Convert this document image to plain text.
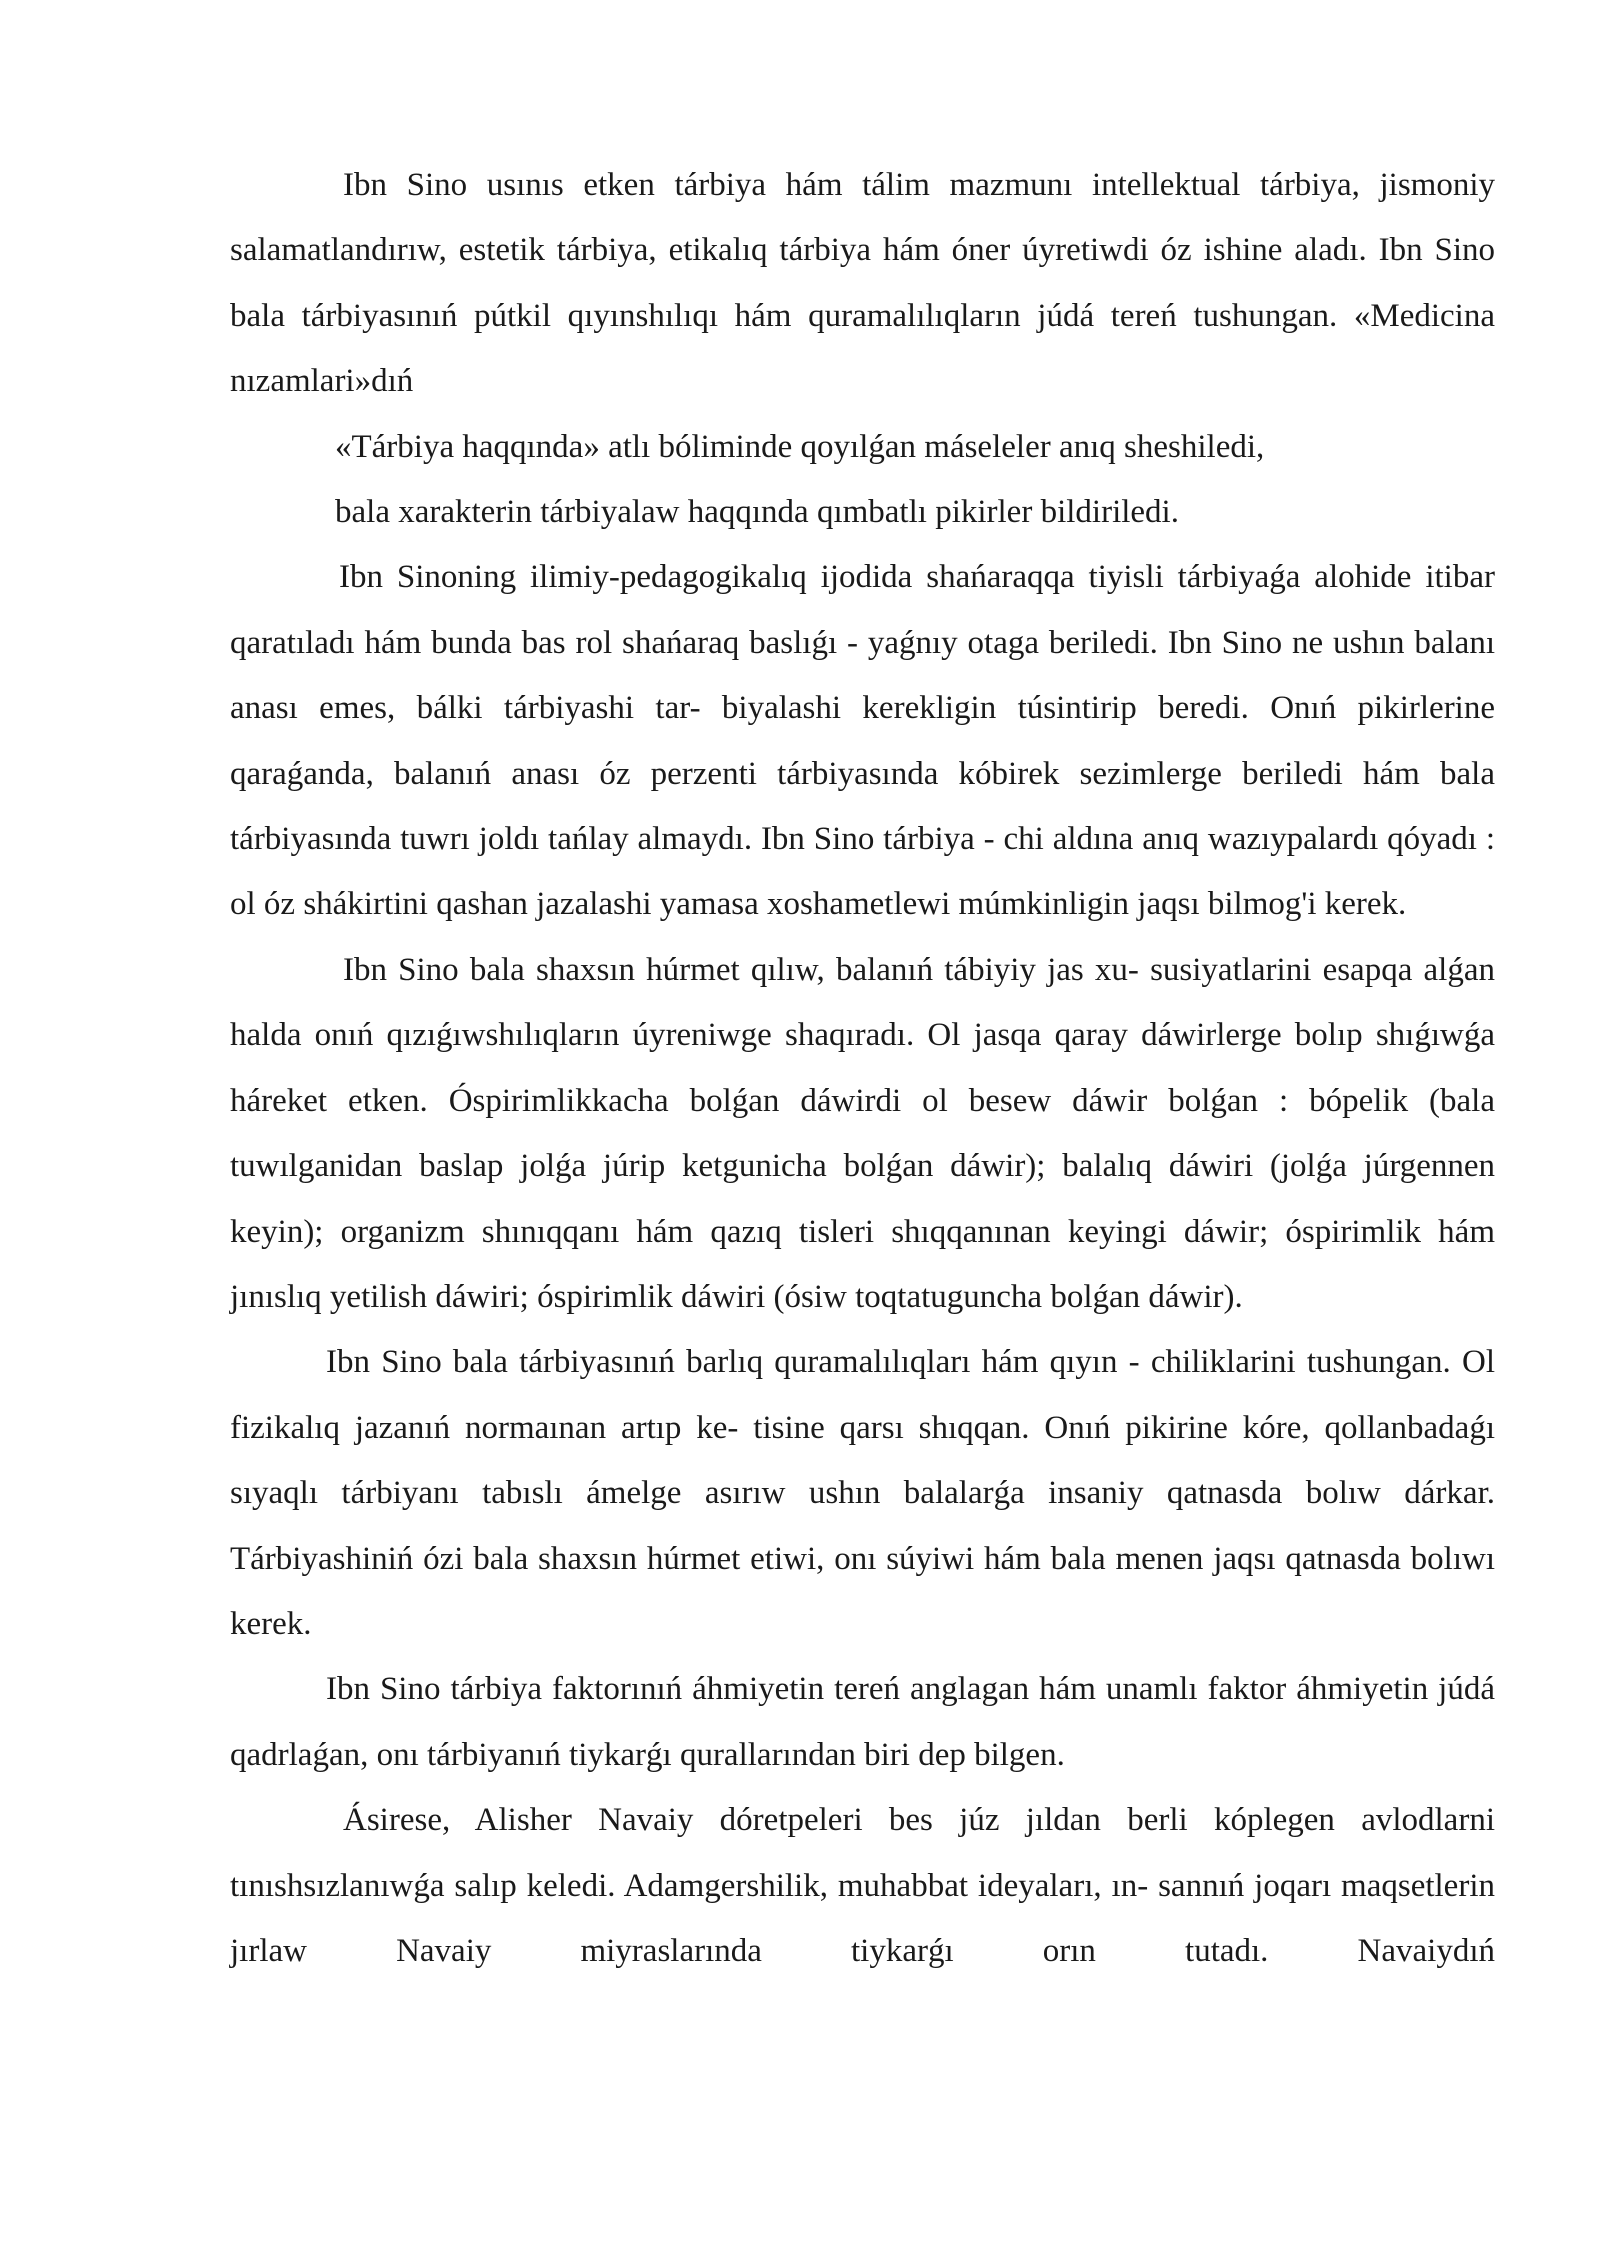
Ibn Sino usınıs etken tárbiya hám tálim mazmunı intellektual tárbiya, jismoniy salamatlandırıw, estetik tárbiya, etikalıq tárbiya hám óner úyretiwdi óz ishine aladı. Ibn Sino bala tárbiyasınıń pútkil qıyınshılıqı hám quramalılıqların júdá tereń tushungan. «Medicina nızamlari»dıń

«Tárbiya haqqında» atlı bóliminde qoyılǵan máseleler anıq sheshiledi,

bala xarakterin tárbiyalaw haqqında qımbatlı pikirler bildiriledi.

Ibn Sinoning ilimiy-pedagogikalıq ijodida shańaraqqa tiyisli tárbiyaǵa alohide itibar qaratıladı hám bunda bas rol shańaraq baslıǵı - yaǵnıy otaga beriledi. Ibn Sino ne ushın balanı anası emes, bálki tárbiyashi tar- biyalashi kerekligin túsintirip beredi. Onıń pikirlerine qaraǵanda, balanıń anası óz perzenti tárbiyasında kóbirek sezimlerge beriledi hám bala tárbiyasında tuwrı joldı tańlay almaydı. Ibn Sino tárbiya - chi aldına anıq wazıypalardı qóyadı : ol óz shákirtini qashan jazalashi yamasa xoshametlewi múmkinligin jaqsı bilmog'i kerek.

Ibn Sino bala shaxsın húrmet qılıw, balanıń tábiyiy jas xu- susiyatlarini esapqa alǵan halda onıń qızıǵıwshılıqların úyreniwge shaqıradı. Ol jasqa qaray dáwirlerge bolıp shıǵıwǵa háreket etken. Óspirimlikkacha bolǵan dáwirdi ol besew dáwir bolǵan : bópelik (bala tuwılganidan baslap jolǵa júrip ketgunicha bolǵan dáwir); balalıq dáwiri (jolǵa júrgennen keyin); organizm shınıqqanı hám qazıq tisleri shıqqanınan keyingi dáwir; óspirimlik hám jınıslıq yetilish dáwiri; óspirimlik dáwiri (ósiw toqtatuguncha bolǵan dáwir).

Ibn Sino bala tárbiyasınıń barlıq quramalılıqları hám qıyın - chiliklarini tushungan. Ol fizikalıq jazanıń normaınan artıp ke- tisine qarsı shıqqan. Onıń pikirine kóre, qollanbadaǵı sıyaqlı tárbiyanı tabıslı ámelge asırıw ushın balalarǵa insaniy qatnasda bolıw dárkar. Tárbiyashiniń ózi bala shaxsın húrmet etiwi, onı súyiwi hám bala menen jaqsı qatnasda bolıwı kerek.

Ibn Sino tárbiya faktorınıń áhmiyetin tereń anglagan hám unamlı faktor áhmiyetin júdá qadrlaǵan, onı tárbiyanıń tiykarǵı qurallarından biri dep bilgen.

Ásirese, Alisher Navaiy dóretpeleri bes júz jıldan berli kóplegen avlodlarni tınıshsızlanıwǵa salıp keledi. Adamgershilik, muhabbat ideyaları, ın- sannıń joqarı maqsetlerin jırlaw Navaiy miyraslarında tiykarǵı orın tutadı. Navaiydıń
